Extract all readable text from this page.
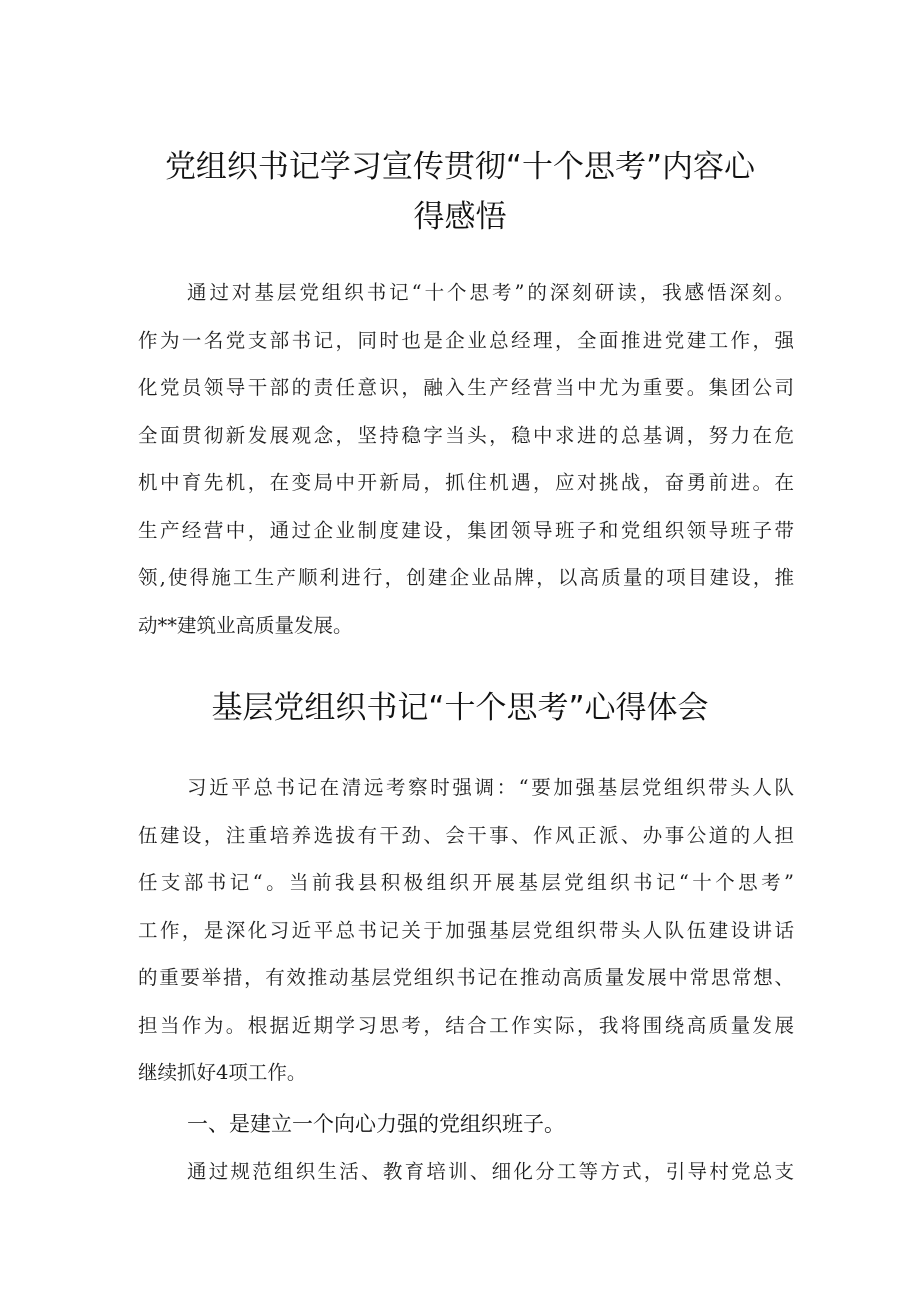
党组织书记学习宣传贯彻“十个思考”内容心
得感悟
通过对基层党组织书记“十个思考”的深刻研读，我感悟深刻。
作为一名党支部书记，同时也是企业总经理，全面推进党建工作，强
化党员领导干部的责任意识，融入生产经营当中尤为重要。集团公司
全面贯彻新发展观念，坚持稳字当头，稳中求进的总基调，努力在危
机中育先机，在变局中开新局，抓住机遇，应对挑战，奋勇前进。在
生产经营中，通过企业制度建设，集团领导班子和党组织领导班子带
领,使得施工生产顺利进行，创建企业品牌，以高质量的项目建设，推
动**建筑业高质量发展。
基层党组织书记“十个思考”心得体会
习近平总书记在清远考察时强调：“要加强基层党组织带头人队
伍建设，注重培养选拔有干劲、会干事、作风正派、办事公道的人担
任支部书记“。当前我县积极组织开展基层党组织书记“十个思考”
工作，是深化习近平总书记关于加强基层党组织带头人队伍建设讲话
的重要举措，有效推动基层党组织书记在推动高质量发展中常思常想、
担当作为。根据近期学习思考，结合工作实际，我将围绕高质量发展
继续抓好4项工作。
一、是建立一个向心力强的党组织班子。
通过规范组织生活、教育培训、细化分工等方式，引导村党总支
